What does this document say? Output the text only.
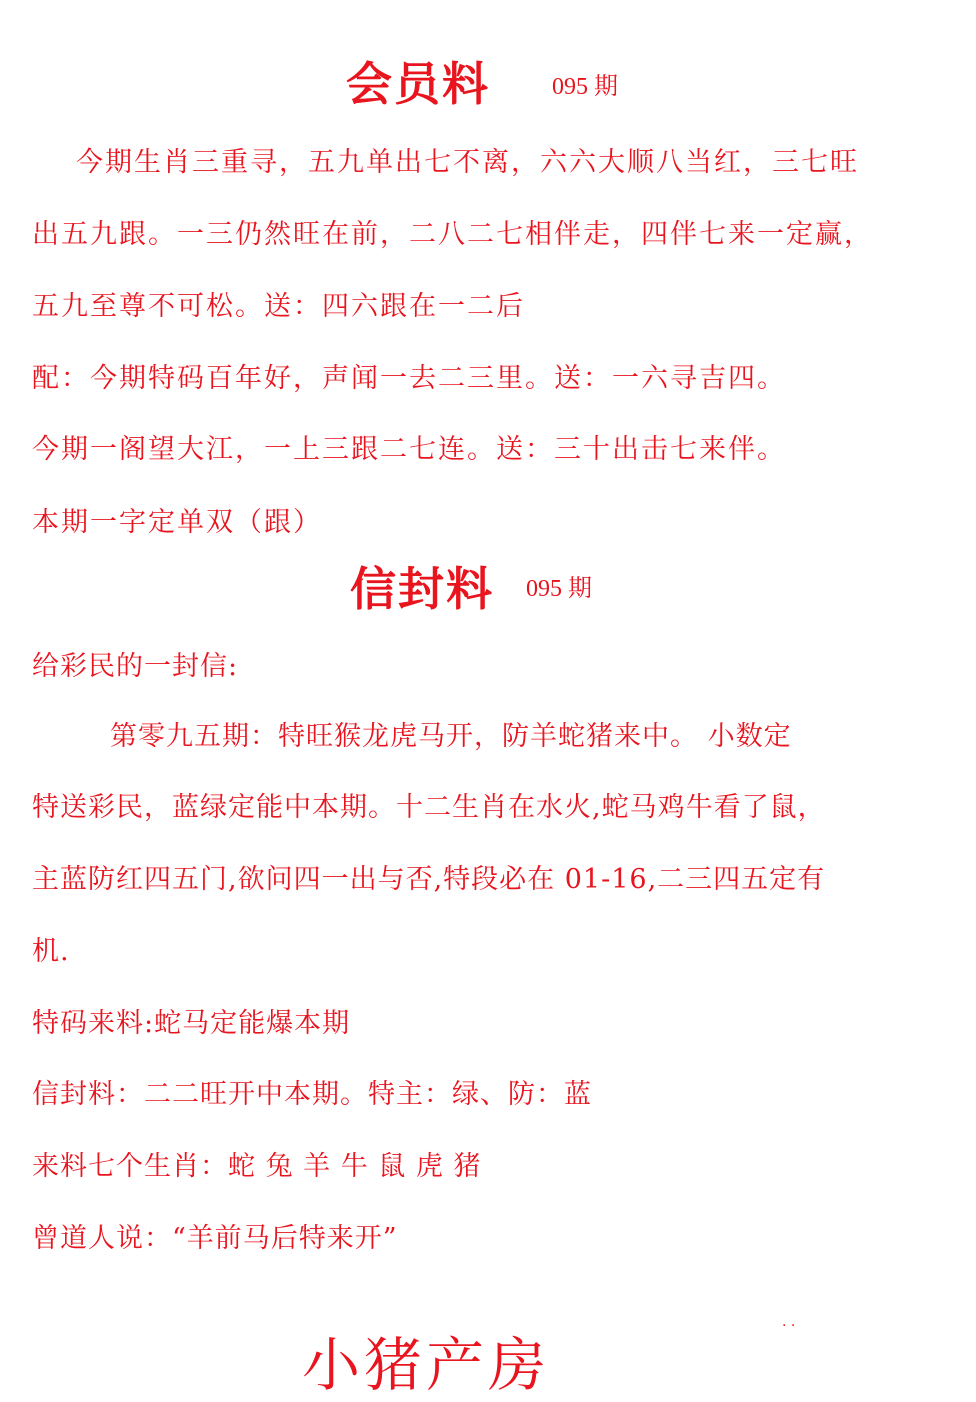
会员料	095 期
今期生肖三重寻，五九单出七不离，六六大顺八当红，三七旺
出五九跟。一三仍然旺在前，二八二七相伴走，四伴七来一定赢，
五九至尊不可松。送：四六跟在一二后
配：今期特码百年好，声闻一去二三里。送：一六寻吉四。
今期一阁望大江，一上三跟二七连。送：三十出击七来伴。
本期一字定单双（跟）
信封料 095 期
给彩民的一封信:
第零九五期：特旺猴龙虎马开，防羊蛇猪来中。 小数定
特送彩民，蓝绿定能中本期。十二生肖在水火,蛇马鸡牛看了鼠，
主蓝防红四五门,欲问四一出与否,特段必在 01-16,二三四五定有
机.
特码来料:蛇马定能爆本期
信封料：二二旺开中本期。特主：绿、防：蓝
来料七个生肖：蛇 兔 羊 牛 鼠 虎 猪
曾道人说：“羊前马后特来开”
. .
小猪产房
